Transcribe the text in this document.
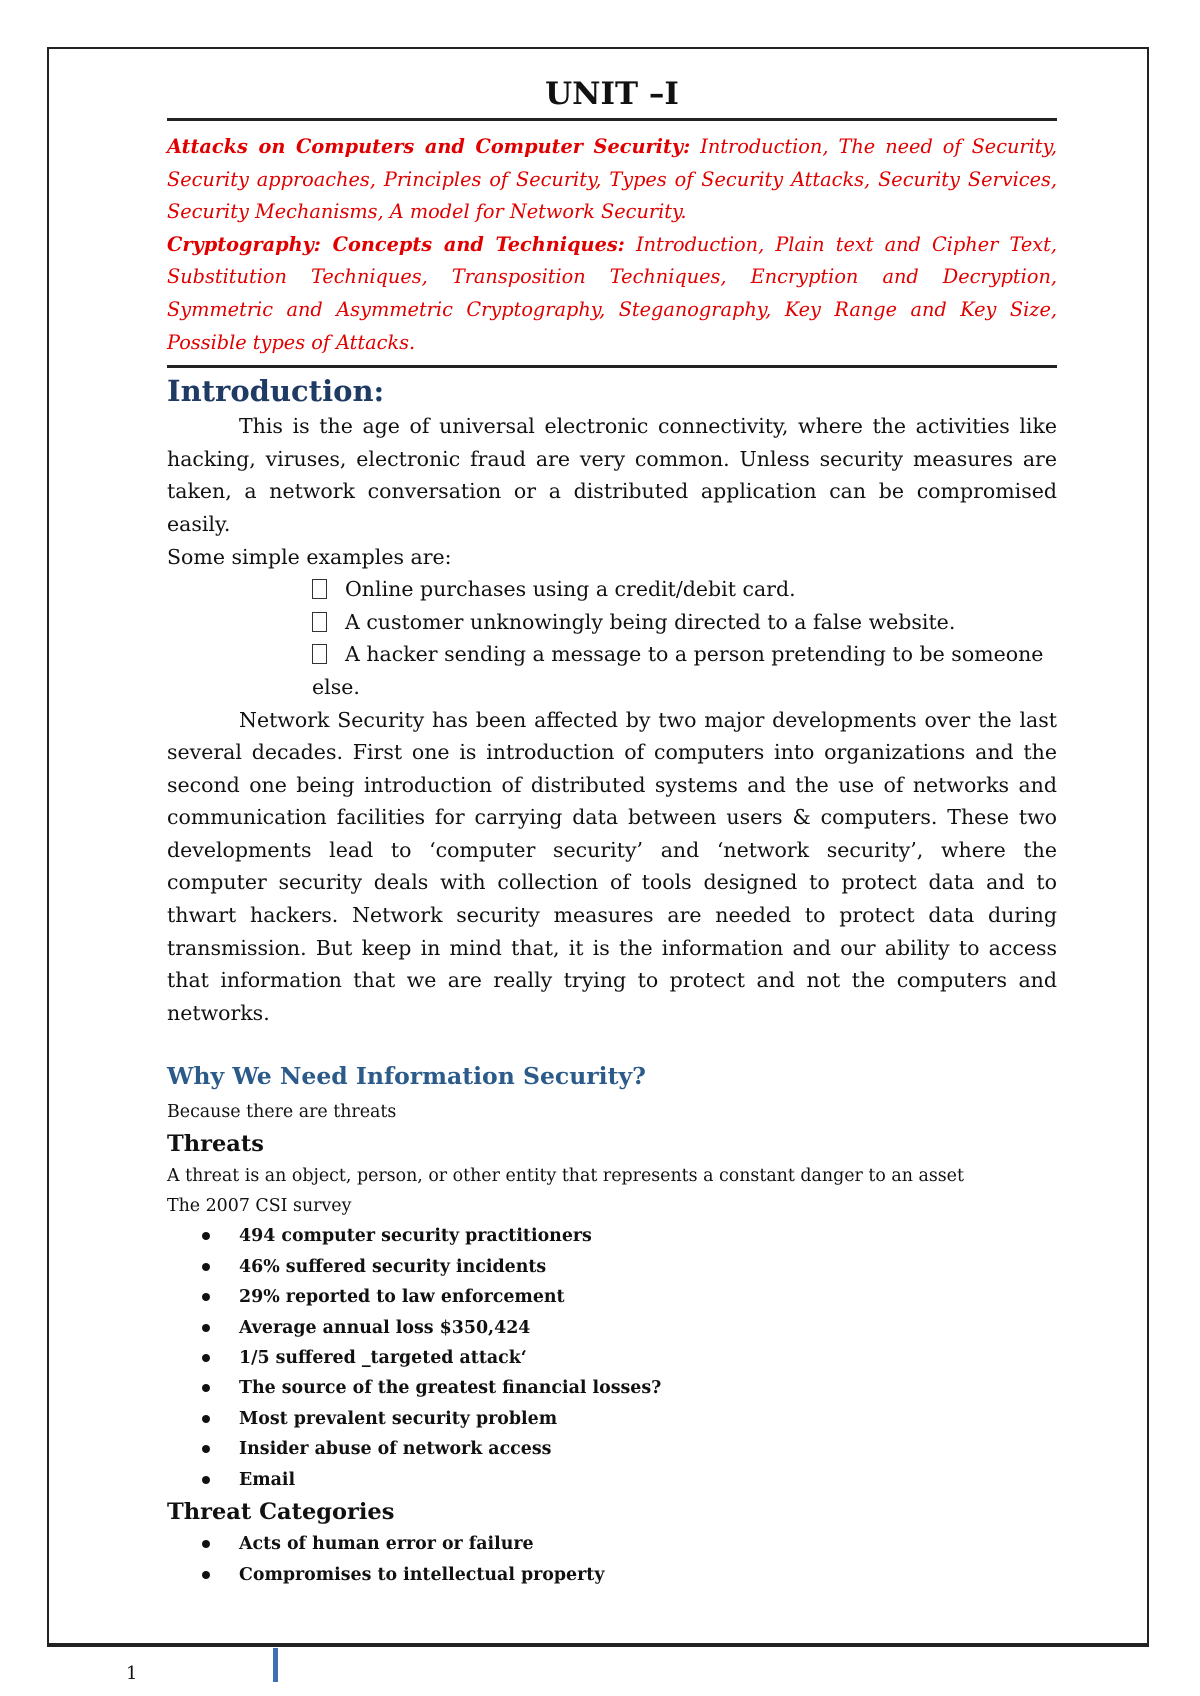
UNIT –I

Attacks on Computers and Computer Security: Introduction, The need of Security, Security approaches, Principles of Security, Types of Security Attacks, Security Services, Security Mechanisms, A model for Network Security.
Cryptography: Concepts and Techniques: Introduction, Plain text and Cipher Text, Substitution Techniques, Transposition Techniques, Encryption and Decryption, Symmetric and Asymmetric Cryptography, Steganography, Key Range and Key Size, Possible types of Attacks.

Introduction:

This is the age of universal electronic connectivity, where the activities like hacking, viruses, electronic fraud are very common. Unless security measures are taken, a network conversation or a distributed application can be compromised easily.

Some simple examples are:

Online purchases using a credit/debit card.
A customer unknowingly being directed to a false website.
A hacker sending a message to a person pretending to be someone else.

Network Security has been affected by two major developments over the last several decades. First one is introduction of computers into organizations and the second one being introduction of distributed systems and the use of networks and communication facilities for carrying data between users & computers. These two developments lead to ‘computer security’ and ‘network security’, where the computer security deals with collection of tools designed to protect data and to thwart hackers. Network security measures are needed to protect data during transmission. But keep in mind that, it is the information and our ability to access that information that we are really trying to protect and not the computers and networks.

Why We Need Information Security?

Because there are threats

Threats

A threat is an object, person, or other entity that represents a constant danger to an asset

The 2007 CSI survey

494 computer security practitioners
46% suffered security incidents
29% reported to law enforcement
Average annual loss $350,424
1/5 suffered _targeted attack‘
The source of the greatest financial losses?
Most prevalent security problem
Insider abuse of network access
Email
Threat Categories
Acts of human error or failure
Compromises to intellectual property
1
